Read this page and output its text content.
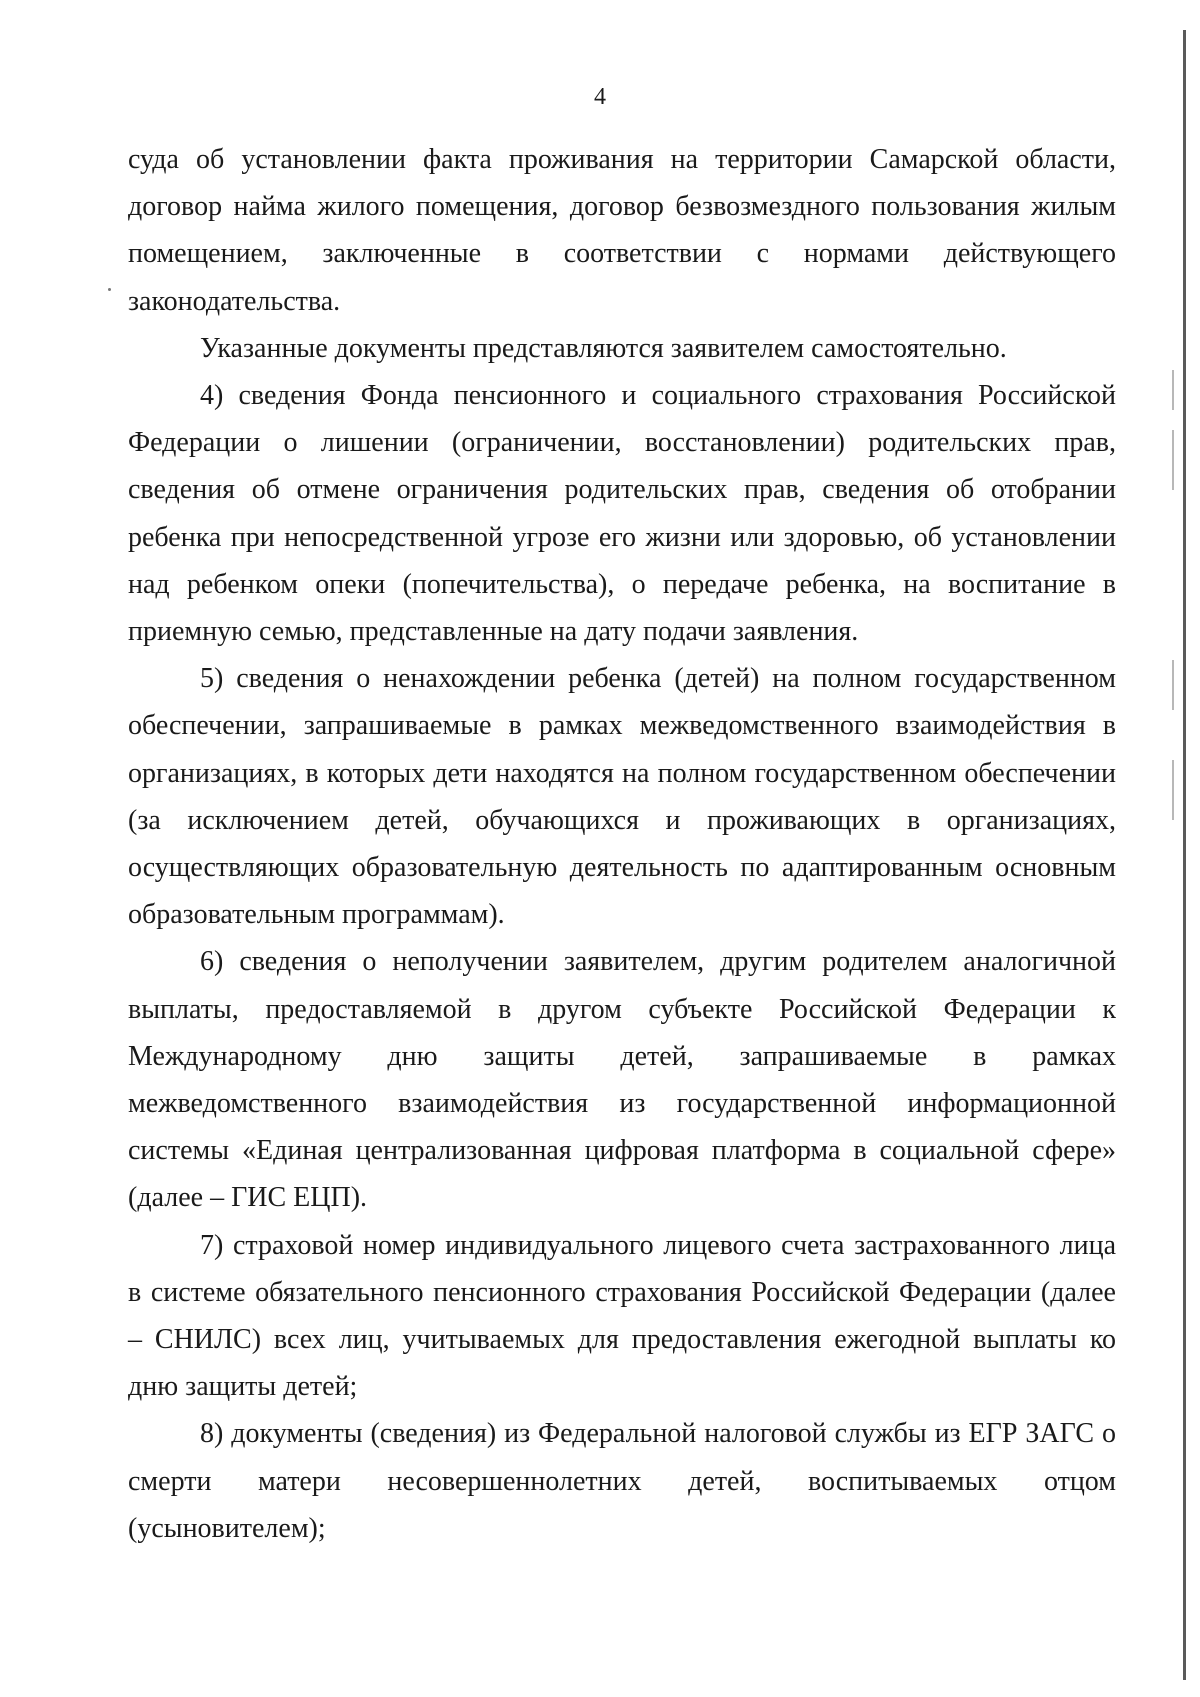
4

суда об установлении факта проживания на территории Самарской области, договор найма жилого помещения, договор безвозмездного пользования жилым помещением, заключенные в соответствии с нормами действующего законодательства.

Указанные документы представляются заявителем самостоятельно.

4) сведения Фонда пенсионного и социального страхования Российской Федерации о лишении (ограничении, восстановлении) родительских прав, сведения об отмене ограничения родительских прав, сведения об отобрании ребенка при непосредственной угрозе его жизни или здоровью, об установлении над ребенком опеки (попечительства), о передаче ребенка, на воспитание в приемную семью, представленные на дату подачи заявления.

5) сведения о ненахождении ребенка (детей) на полном государственном обеспечении, запрашиваемые в рамках межведомственного взаимодействия в организациях, в которых дети находятся на полном государственном обеспечении (за исключением детей, обучающихся и проживающих в организациях, осуществляющих образовательную деятельность по адаптированным основным образовательным программам).

6) сведения о неполучении заявителем, другим родителем аналогичной выплаты, предоставляемой в другом субъекте Российской Федерации к Международному дню защиты детей, запрашиваемые в рамках межведомственного взаимодействия из государственной информационной системы «Единая централизованная цифровая платформа в социальной сфере» (далее – ГИС ЕЦП).

7) страховой номер индивидуального лицевого счета застрахованного лица в системе обязательного пенсионного страхования Российской Федерации (далее – СНИЛС) всех лиц, учитываемых для предоставления ежегодной выплаты ко дню защиты детей;

8) документы (сведения) из Федеральной налоговой службы из ЕГР ЗАГС о смерти матери несовершеннолетних детей, воспитываемых отцом (усыновителем);
